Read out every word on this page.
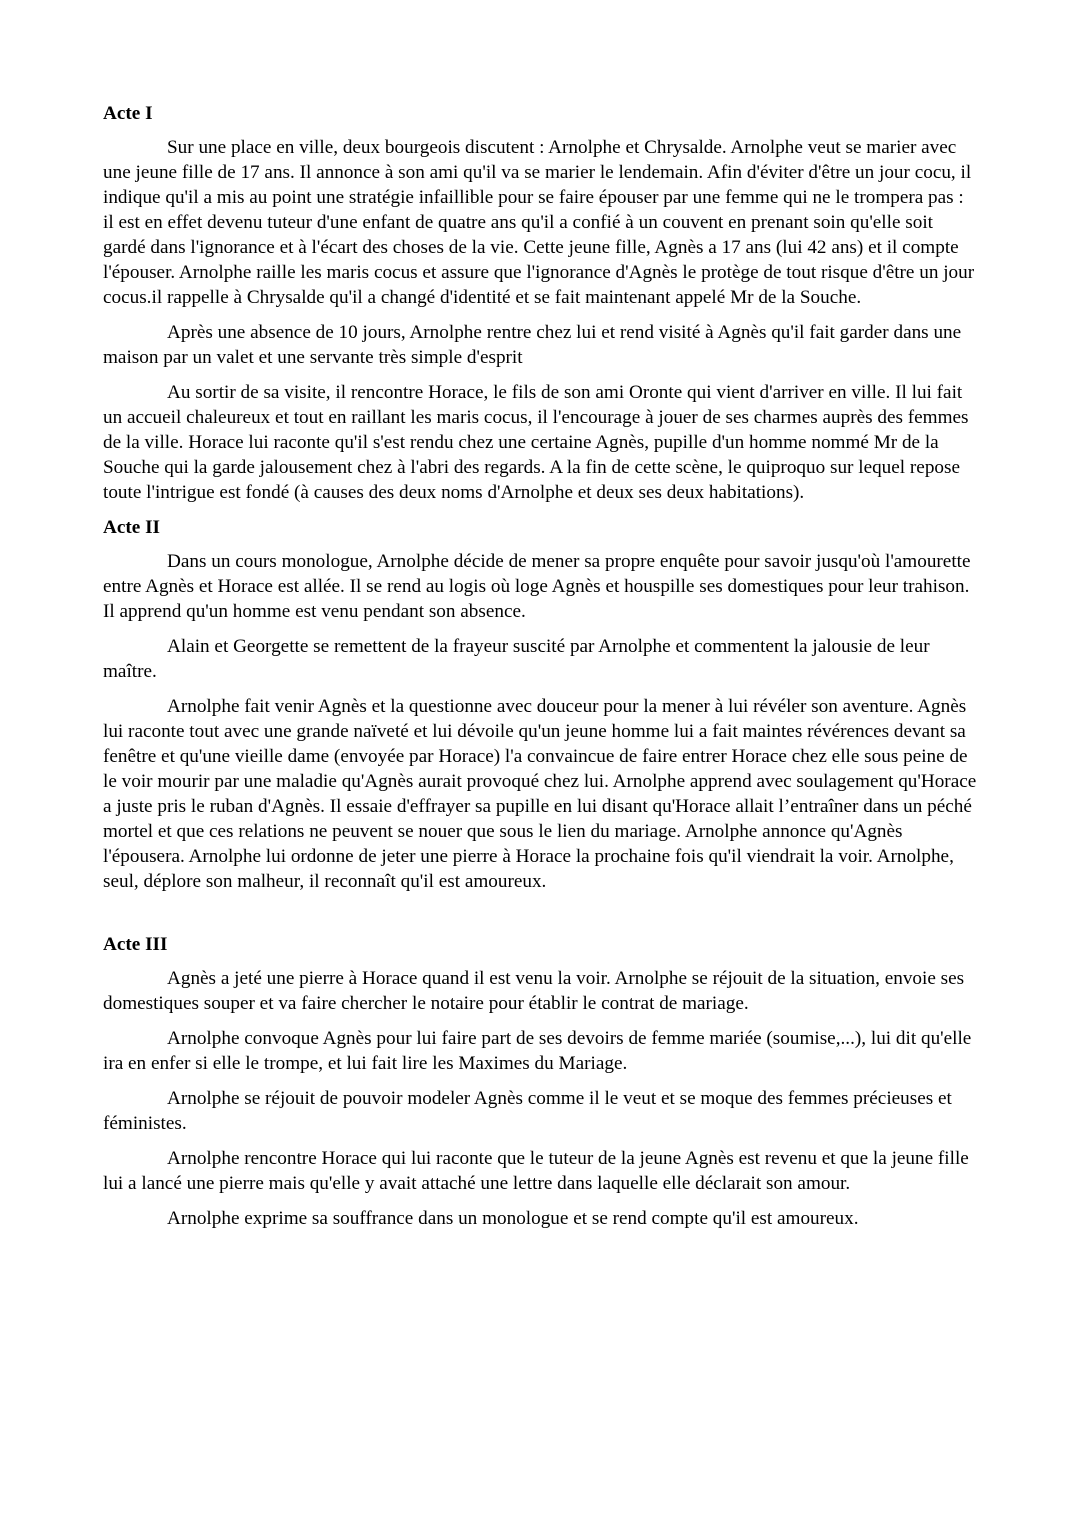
Acte I

Sur une place en ville, deux bourgeois discutent : Arnolphe et Chrysalde. Arnolphe veut se marier avec une jeune fille de 17 ans. Il annonce à son ami qu'il va se marier le lendemain. Afin d'éviter d'être un jour cocu, il indique qu'il a mis au point une stratégie infaillible pour se faire épouser par une femme qui ne le trompera pas : il est en effet devenu tuteur d'une enfant de quatre ans qu'il a confié à un couvent en prenant soin qu'elle soit gardé dans l'ignorance et à l'écart des choses de la vie. Cette jeune fille, Agnès a 17 ans (lui 42 ans) et il compte l'épouser. Arnolphe raille les maris cocus et assure que l'ignorance d'Agnès le protège de tout risque d'être un jour cocus.il rappelle à Chrysalde qu'il a changé d'identité et se fait maintenant appelé Mr de la Souche.

Après une absence de 10 jours, Arnolphe rentre chez lui et rend visité à Agnès qu'il fait garder dans une maison par un valet et une servante très simple d'esprit

Au sortir de sa visite, il rencontre Horace, le fils de son ami Oronte qui vient d'arriver en ville. Il lui fait un accueil chaleureux et tout en raillant les maris cocus, il l'encourage à jouer de ses charmes auprès des femmes de la ville. Horace lui raconte qu'il s'est rendu chez une certaine Agnès, pupille d'un homme nommé Mr de la Souche qui la garde jalousement chez à l'abri des regards. A la fin de cette scène, le quiproquo sur lequel repose toute l'intrigue est fondé (à causes des deux noms d'Arnolphe et deux ses deux habitations).

Acte II

Dans un cours monologue, Arnolphe décide de mener sa propre enquête pour savoir jusqu'où l'amourette entre Agnès et Horace est allée. Il se rend au logis où loge Agnès et houspille ses domestiques pour leur trahison. Il apprend qu'un homme est venu pendant son absence.

Alain et Georgette se remettent de la frayeur suscité par Arnolphe et commentent la jalousie de leur maître.

Arnolphe fait venir Agnès et la questionne avec douceur pour la mener à lui révéler son aventure. Agnès lui raconte tout avec une grande naïveté et lui dévoile qu'un jeune homme lui a fait maintes révérences devant sa fenêtre et qu'une vieille dame (envoyée par Horace) l'a convaincue de faire entrer Horace chez elle sous peine de le voir mourir par une maladie qu'Agnès aurait provoqué chez lui. Arnolphe apprend avec soulagement qu'Horace a juste pris le ruban d'Agnès. Il essaie d'effrayer sa pupille en lui disant qu'Horace allait l’entraîner dans un péché mortel et que ces relations ne peuvent se nouer que sous le lien du mariage. Arnolphe annonce qu'Agnès l'épousera. Arnolphe lui ordonne de jeter une pierre à Horace la prochaine fois qu'il viendrait la voir. Arnolphe, seul, déplore son malheur, il reconnaît qu'il est amoureux.

Acte III

Agnès a jeté une pierre à Horace quand il est venu la voir. Arnolphe se réjouit de la situation, envoie ses domestiques souper et va faire chercher le notaire pour établir le contrat de mariage.

Arnolphe convoque Agnès pour lui faire part de ses devoirs de femme mariée (soumise,...), lui dit qu'elle ira en enfer si elle le trompe, et lui fait lire les Maximes du Mariage.

Arnolphe se réjouit de pouvoir modeler Agnès comme il le veut et se moque des femmes précieuses et féministes.

Arnolphe rencontre Horace qui lui raconte que le tuteur de la jeune Agnès est revenu et que la jeune fille lui a lancé une pierre mais qu'elle y avait attaché une lettre dans laquelle elle déclarait son amour.

Arnolphe exprime sa souffrance dans un monologue et se rend compte qu'il est amoureux.
